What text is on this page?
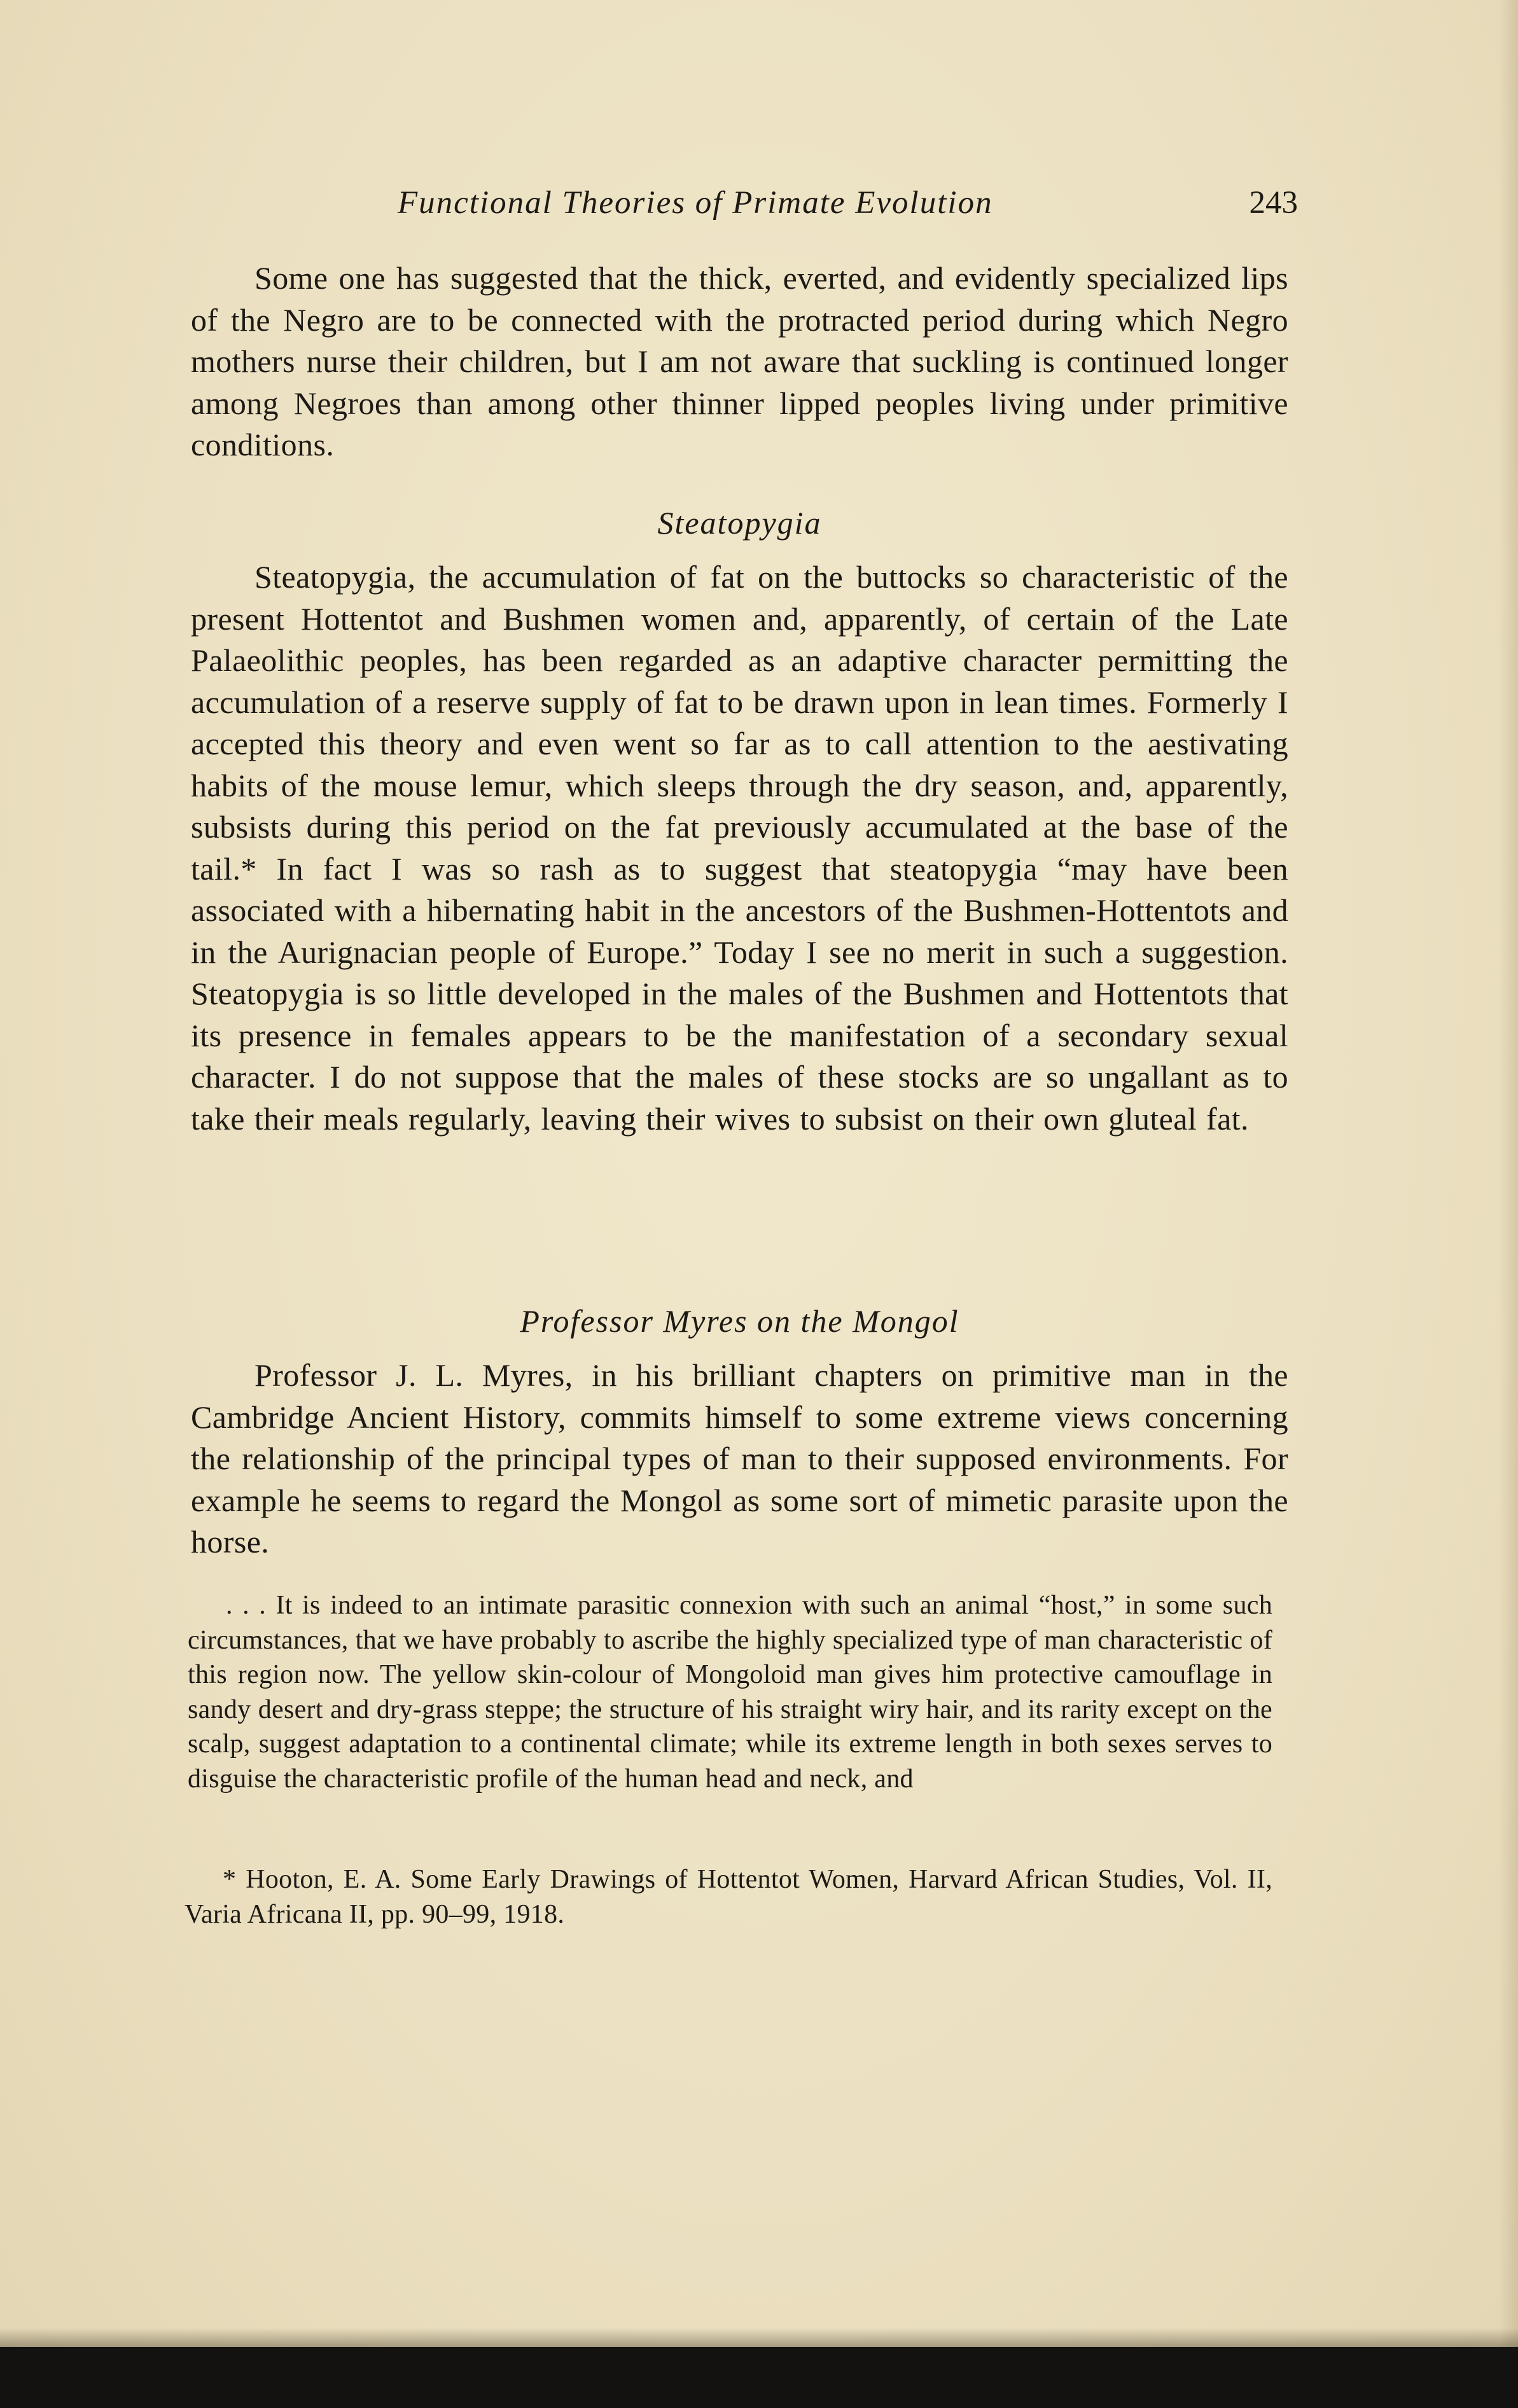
Functional Theories of Primate Evolution	243

Some one has suggested that the thick, everted, and evidently specialized lips of the Negro are to be connected with the protracted period during which Negro mothers nurse their children, but I am not aware that suckling is continued longer among Negroes than among other thinner lipped peoples living under primitive conditions.

Steatopygia

Steatopygia, the accumulation of fat on the buttocks so characteristic of the present Hottentot and Bushmen women and, apparently, of certain of the Late Palaeolithic peoples, has been regarded as an adaptive character permitting the accumulation of a reserve supply of fat to be drawn upon in lean times. Formerly I accepted this theory and even went so far as to call attention to the aestivating habits of the mouse lemur, which sleeps through the dry season, and, apparently, subsists during this period on the fat previously accumulated at the base of the tail.* In fact I was so rash as to suggest that steatopygia “may have been associated with a hibernating habit in the ancestors of the Bushmen-Hottentots and in the Aurignacian people of Europe.” Today I see no merit in such a suggestion. Steatopygia is so little developed in the males of the Bushmen and Hottentots that its presence in females appears to be the manifestation of a secondary sexual character. I do not suppose that the males of these stocks are so ungallant as to take their meals regularly, leaving their wives to subsist on their own gluteal fat.

Professor Myres on the Mongol

Professor J. L. Myres, in his brilliant chapters on primitive man in the Cambridge Ancient History, commits himself to some extreme views concerning the relationship of the principal types of man to their supposed environments. For example he seems to regard the Mongol as some sort of mimetic parasite upon the horse.

. . . It is indeed to an intimate parasitic connexion with such an animal “host,” in some such circumstances, that we have probably to ascribe the highly specialized type of man characteristic of this region now. The yellow skin-colour of Mongoloid man gives him protective camouflage in sandy desert and dry-grass steppe; the structure of his straight wiry hair, and its rarity except on the scalp, suggest adaptation to a continental climate; while its extreme length in both sexes serves to disguise the characteristic profile of the human head and neck, and

* Hooton, E. A. Some Early Drawings of Hottentot Women, Harvard African Studies, Vol. II, Varia Africana II, pp. 90–99, 1918.
